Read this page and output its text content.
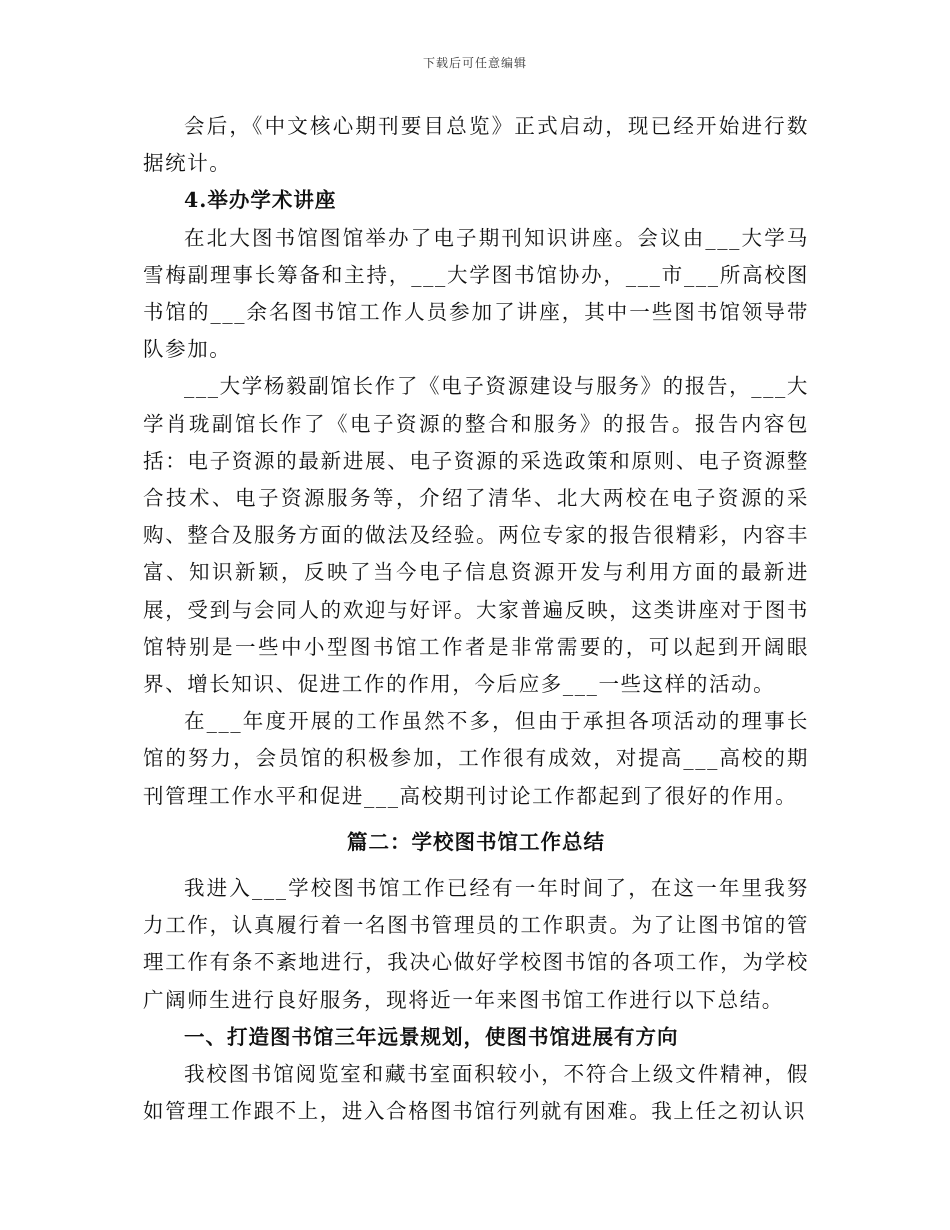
下载后可任意编辑

会后，《中文核心期刊要目总览》正式启动，现已经开始进行数据统计。

4.举办学术讲座

在北大图书馆图馆举办了电子期刊知识讲座。会议由___大学马雪梅副理事长筹备和主持，___大学图书馆协办，___市___所高校图书馆的___余名图书馆工作人员参加了讲座，其中一些图书馆领导带队参加。

___大学杨毅副馆长作了《电子资源建设与服务》的报告，___大学肖珑副馆长作了《电子资源的整合和服务》的报告。报告内容包括：电子资源的最新进展、电子资源的采选政策和原则、电子资源整合技术、电子资源服务等，介绍了清华、北大两校在电子资源的采购、整合及服务方面的做法及经验。两位专家的报告很精彩，内容丰富、知识新颖，反映了当今电子信息资源开发与利用方面的最新进展，受到与会同人的欢迎与好评。大家普遍反映，这类讲座对于图书馆特别是一些中小型图书馆工作者是非常需要的，可以起到开阔眼界、增长知识、促进工作的作用，今后应多___一些这样的活动。

在___年度开展的工作虽然不多，但由于承担各项活动的理事长馆的努力，会员馆的积极参加，工作很有成效，对提高___高校的期刊管理工作水平和促进___高校期刊讨论工作都起到了很好的作用。

篇二：学校图书馆工作总结

我进入___学校图书馆工作已经有一年时间了，在这一年里我努力工作，认真履行着一名图书管理员的工作职责。为了让图书馆的管理工作有条不紊地进行，我决心做好学校图书馆的各项工作，为学校广阔师生进行良好服务，现将近一年来图书馆工作进行以下总结。

一、打造图书馆三年远景规划，使图书馆进展有方向

我校图书馆阅览室和藏书室面积较小，不符合上级文件精神，假如管理工作跟不上，进入合格图书馆行列就有困难。我上任之初认识
